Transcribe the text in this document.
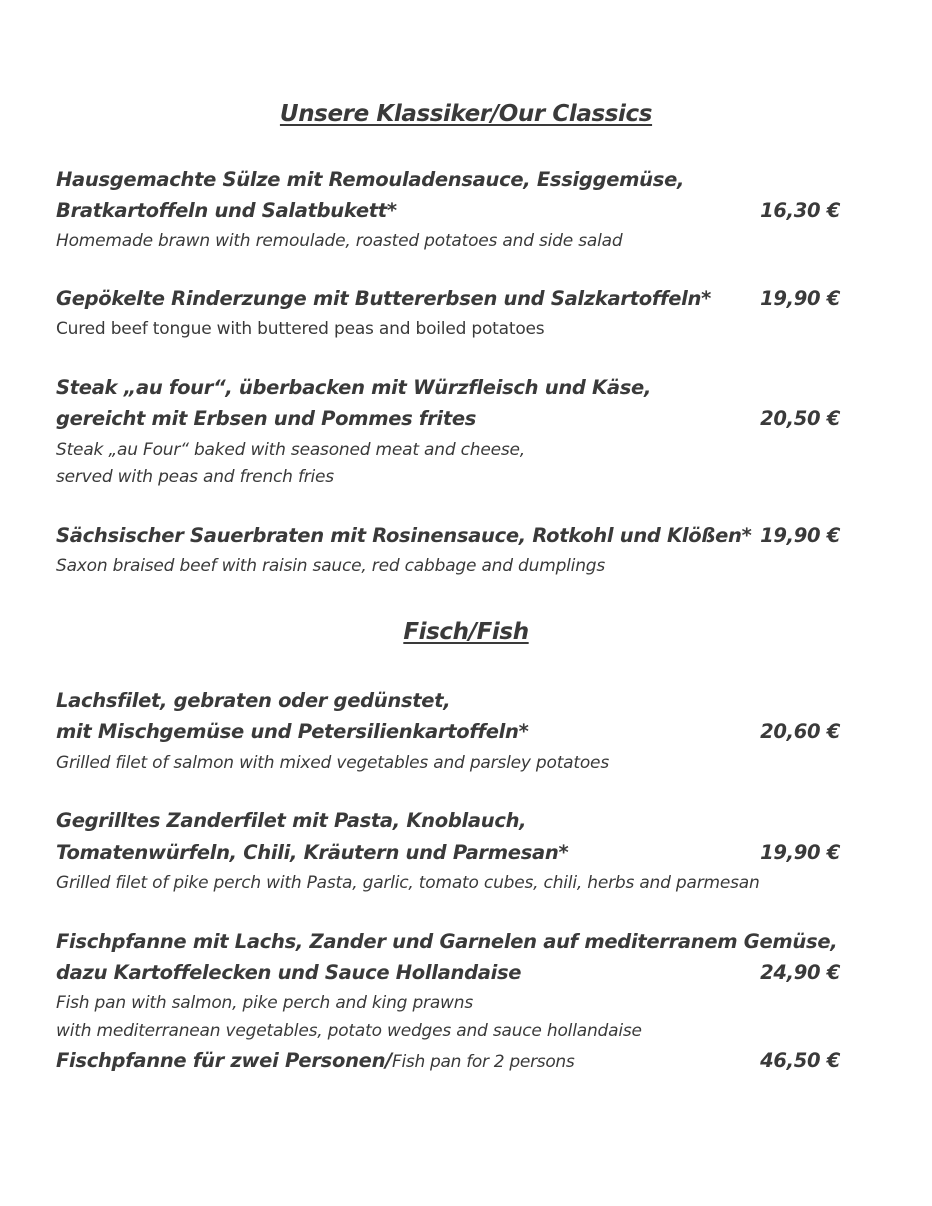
Unsere Klassiker/Our Classics
Hausgemachte Sülze mit Remouladensauce, Essiggemüse,
Bratkartoffeln und Salatbukett*	16,30 €
Homemade brawn with remoulade, roasted potatoes and side salad
Gepökelte Rinderzunge mit Buttererbsen und Salzkartoffeln*	19,90 €
Cured beef tongue with buttered peas and boiled potatoes
Steak „au four“, überbacken mit Würzfleisch und Käse,
gereicht mit Erbsen und Pommes frites	20,50 €
Steak „au Four“ baked with seasoned meat and cheese,
served with peas and french fries
Sächsischer Sauerbraten mit Rosinensauce, Rotkohl und Klößen* 19,90 €
Saxon braised beef with raisin sauce, red cabbage and dumplings
Fisch/Fish
Lachsfilet, gebraten oder gedünstet,
mit Mischgemüse und Petersilienkartoffeln*	20,60 €
Grilled filet of salmon with mixed vegetables and parsley potatoes
Gegrilltes Zanderfilet mit Pasta, Knoblauch,
Tomatenwürfeln, Chili, Kräutern und Parmesan*	19,90 €
Grilled filet of pike perch with Pasta, garlic, tomato cubes, chili, herbs and parmesan
Fischpfanne mit Lachs, Zander und Garnelen auf mediterranem Gemüse,
dazu Kartoffelecken und Sauce Hollandaise	24,90 €
Fish pan with salmon, pike perch and king prawns
with mediterranean vegetables, potato wedges and sauce hollandaise
Fischpfanne für zwei Personen/Fish pan for 2 persons	46,50 €
